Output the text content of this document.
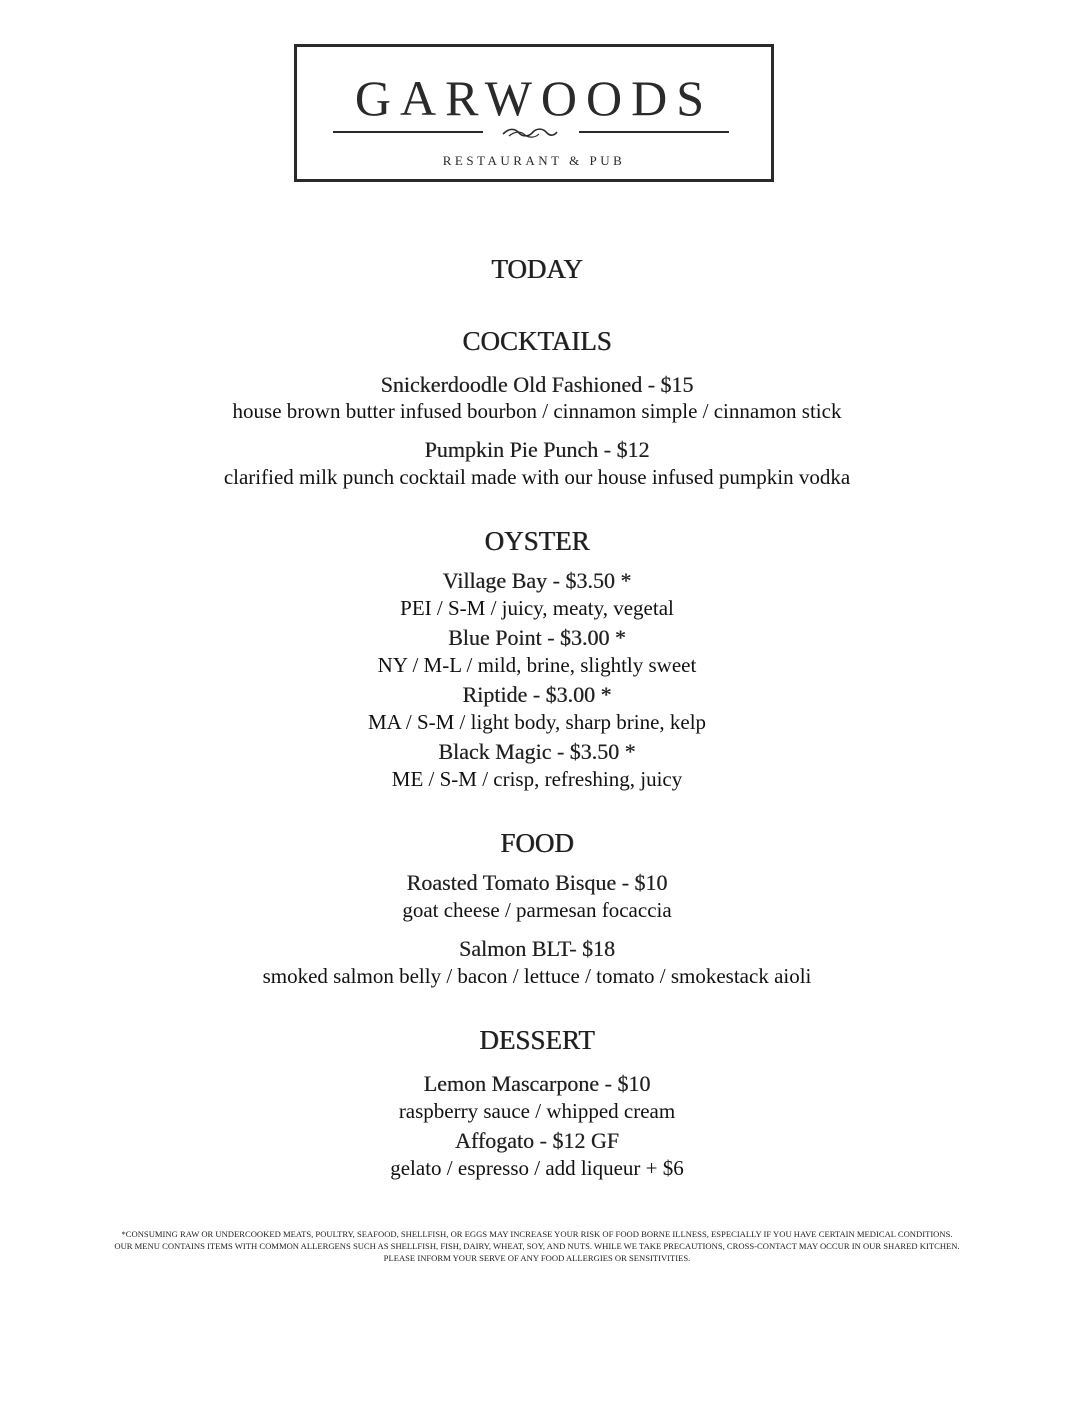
GARWOODS
RESTAURANT & PUB
TODAY
COCKTAILS
Snickerdoodle Old Fashioned - $15
house brown butter infused bourbon / cinnamon simple / cinnamon stick
Pumpkin Pie Punch - $12
clarified milk punch cocktail made with our house infused pumpkin vodka
OYSTER
Village Bay - $3.50 *
PEI / S-M / juicy, meaty, vegetal
Blue Point - $3.00 *
NY / M-L / mild, brine, slightly sweet
Riptide - $3.00 *
MA / S-M / light body, sharp brine, kelp
Black Magic - $3.50 *
ME / S-M / crisp, refreshing, juicy
FOOD
Roasted Tomato Bisque - $10
goat cheese / parmesan focaccia
Salmon BLT- $18
smoked salmon belly / bacon / lettuce / tomato / smokestack aioli
DESSERT
Lemon Mascarpone - $10
raspberry sauce / whipped cream
Affogato - $12 GF
gelato / espresso / add liqueur + $6
*CONSUMING RAW OR UNDERCOOKED MEATS, POULTRY, SEAFOOD, SHELLFISH, OR EGGS MAY INCREASE YOUR RISK OF FOOD BORNE ILLNESS, ESPECIALLY IF YOU HAVE CERTAIN MEDICAL CONDITIONS.
OUR MENU CONTAINS ITEMS WITH COMMON ALLERGENS SUCH AS SHELLFISH, FISH, DAIRY, WHEAT, SOY, AND NUTS. WHILE WE TAKE PRECAUTIONS, CROSS-CONTACT MAY OCCUR IN OUR SHARED KITCHEN. PLEASE INFORM YOUR SERVE OF ANY FOOD ALLERGIES OR SENSITIVITIES.
